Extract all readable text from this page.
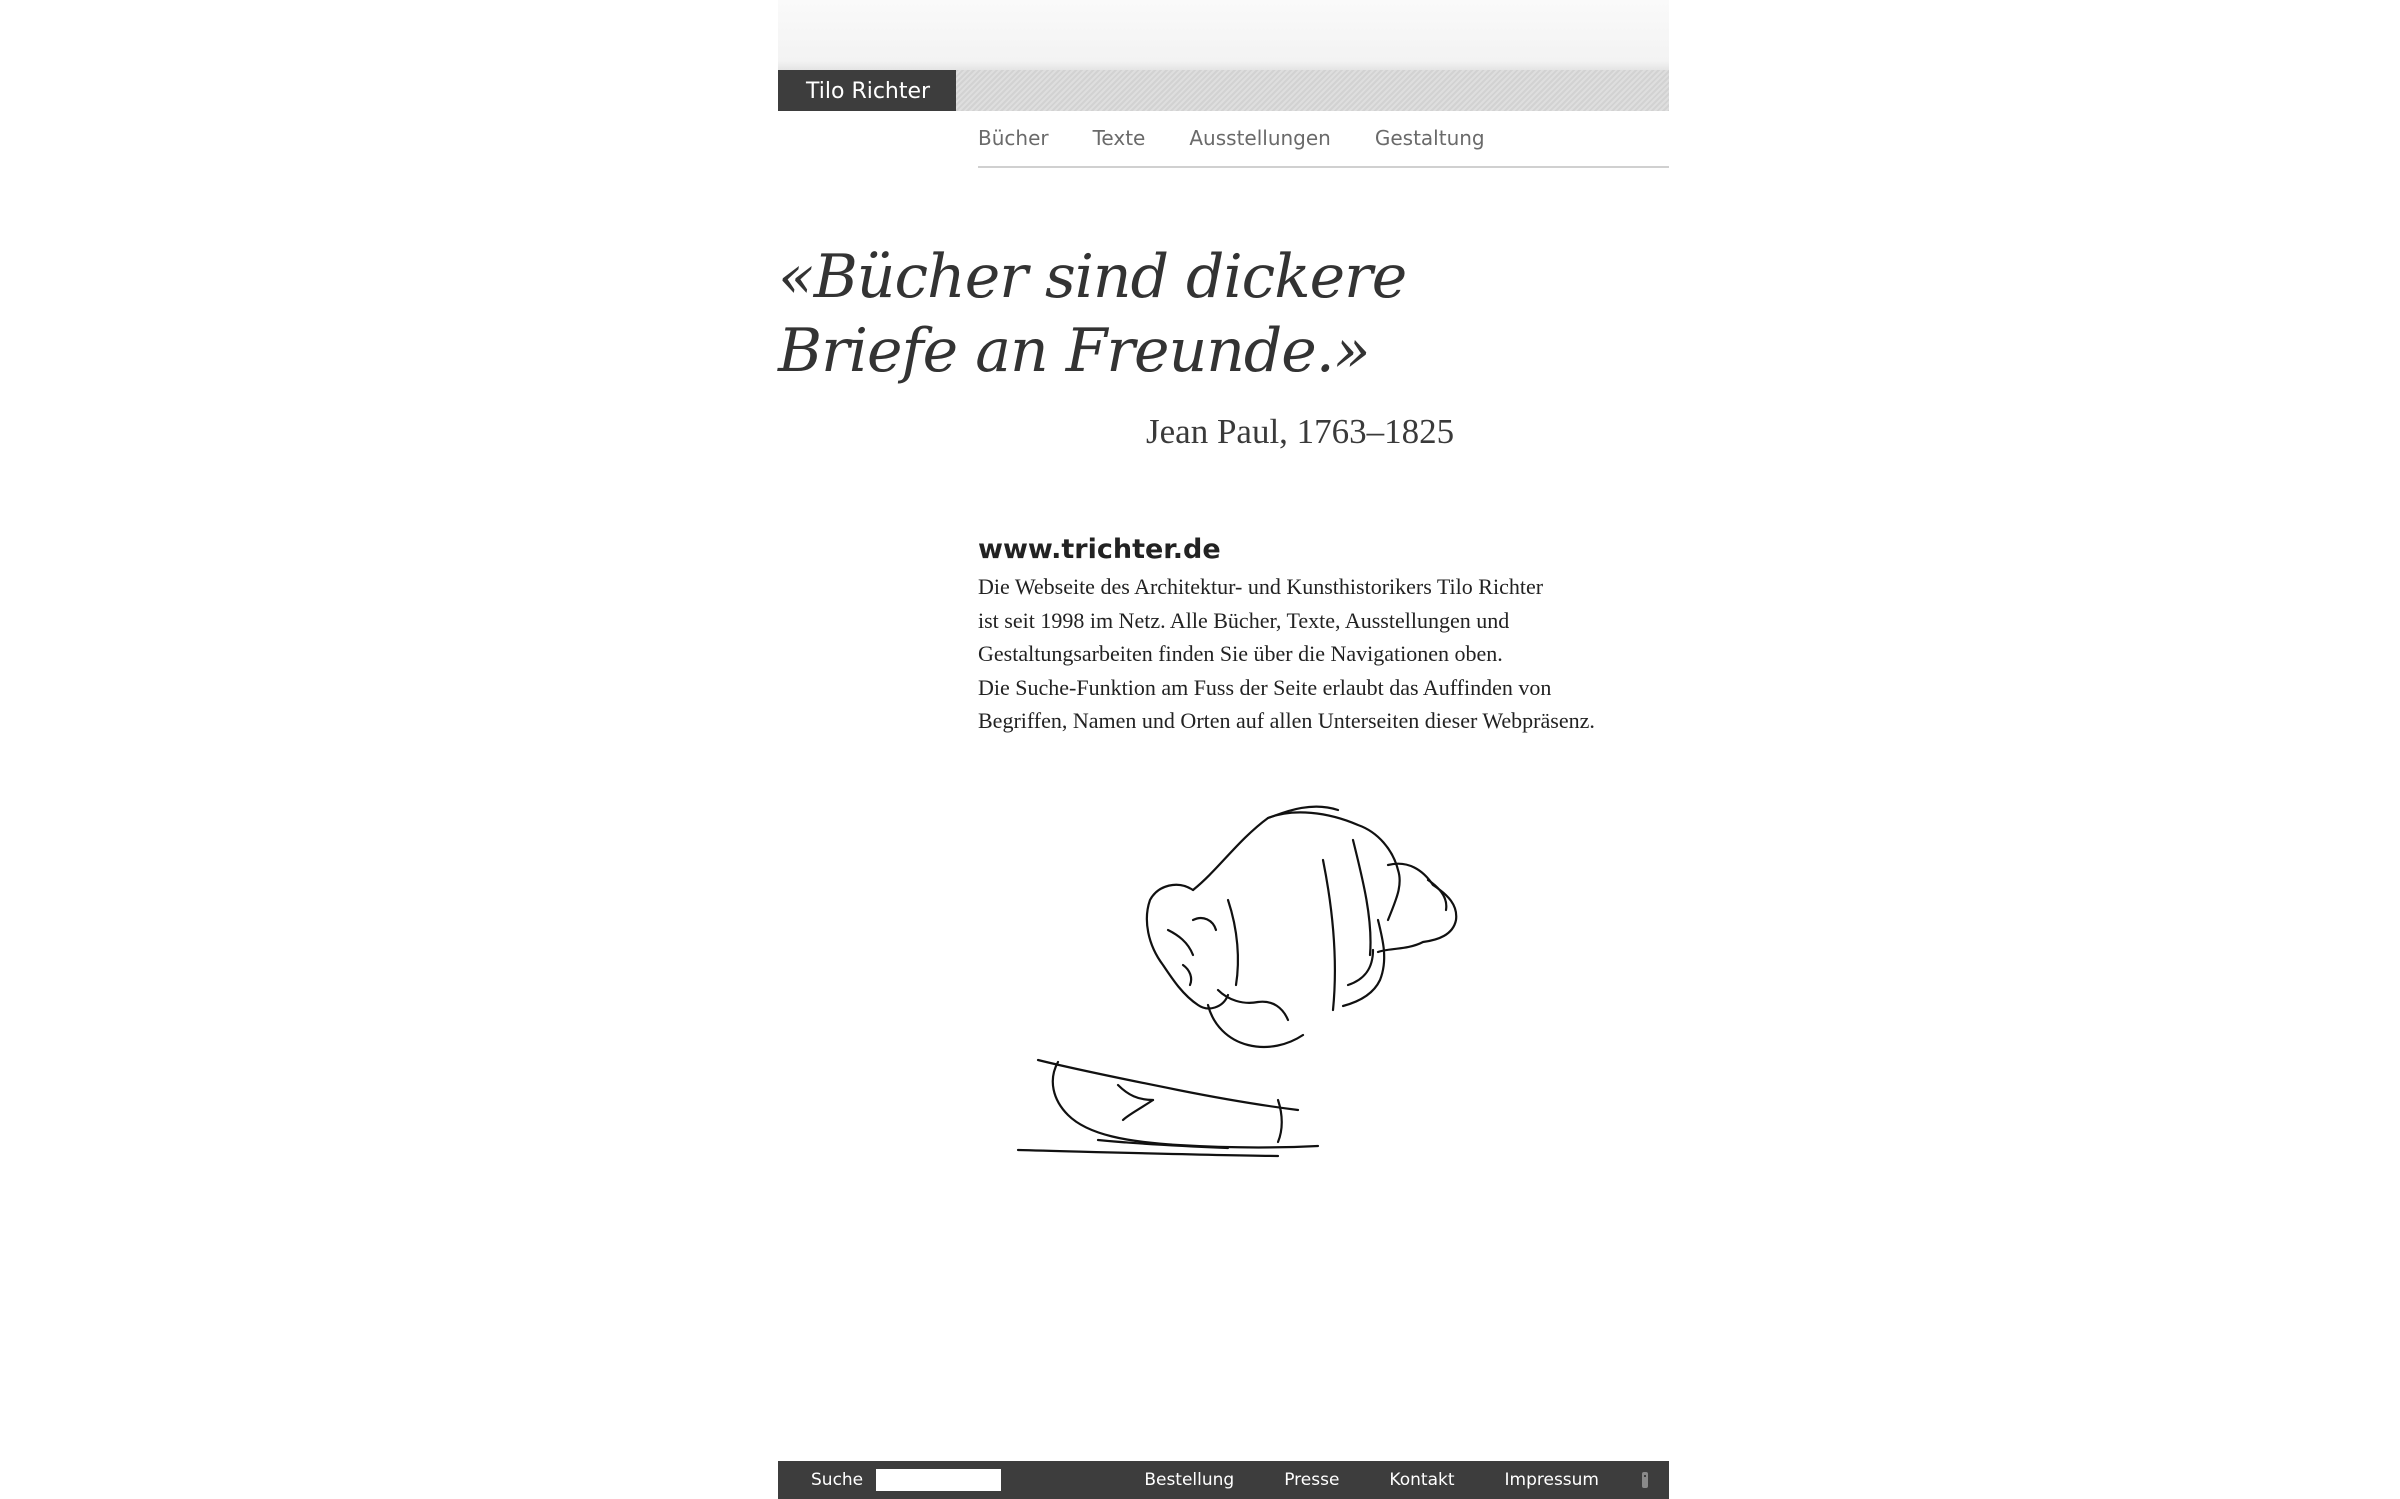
Tilo Richter
Bücher Texte Ausstellungen Gestaltung
«Bücher sind dickere
Briefe an Freunde.»
Jean Paul, 1763–1825
www.trichter.de

Die Webseite des Architektur- und Kunsthistorikers Tilo Richter
ist seit 1998 im Netz. Alle Bücher, Texte, Ausstellungen und
Gestaltungsarbeiten finden Sie über die Navigationen oben.
Die Suche-Funktion am Fuss der Seite erlaubt das Auffinden von
Begriffen, Namen und Orten auf allen Unterseiten dieser Webpräsenz.

Suche	Bestellung	Presse	Kontakt	Impressum
